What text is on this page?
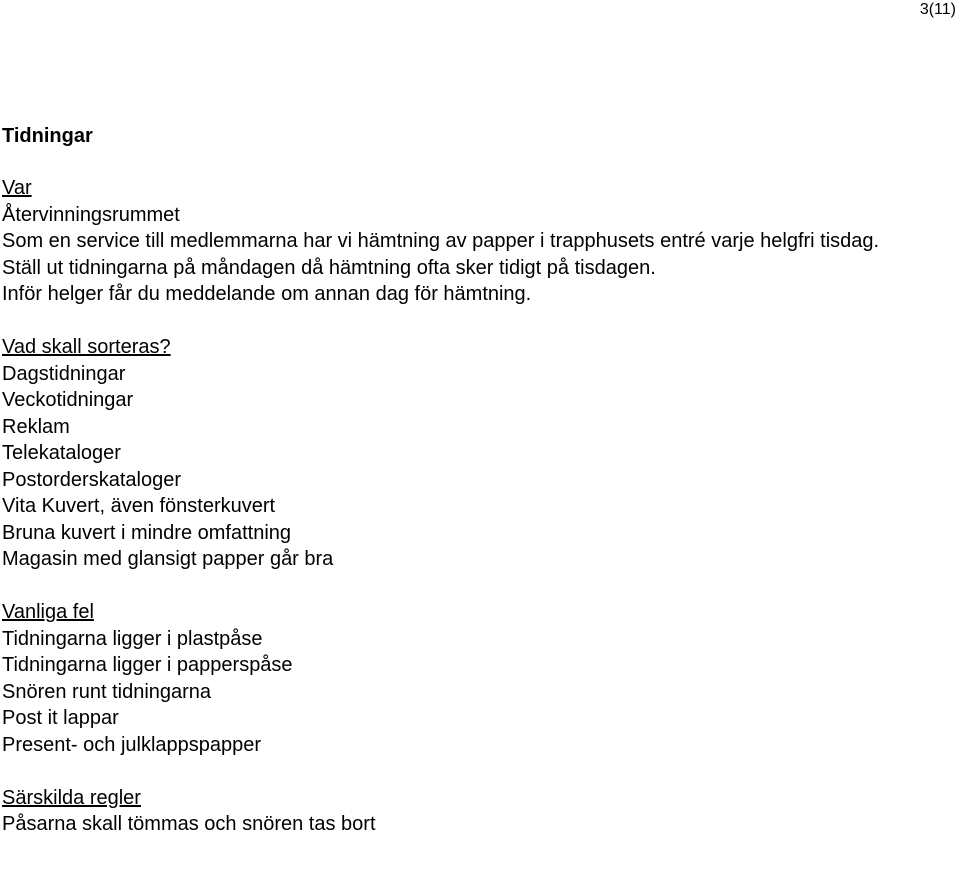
3(11)
Tidningar
Var
Återvinningsrummet
Som en service till medlemmarna har vi hämtning av papper i trapphusets entré varje helgfri tisdag.
Ställ ut tidningarna på måndagen då hämtning ofta sker tidigt på tisdagen.
Inför helger får du meddelande om annan dag för hämtning.
Vad skall sorteras?
Dagstidningar
Veckotidningar
Reklam
Telekataloger
Postorderskataloger
Vita Kuvert, även fönsterkuvert
Bruna kuvert i mindre omfattning
Magasin med glansigt papper går bra
Vanliga fel
Tidningarna ligger i plastpåse
Tidningarna ligger i papperspåse
Snören runt tidningarna
Post it lappar
Present- och julklappspapper
Särskilda regler
Påsarna skall tömmas och snören tas bort
